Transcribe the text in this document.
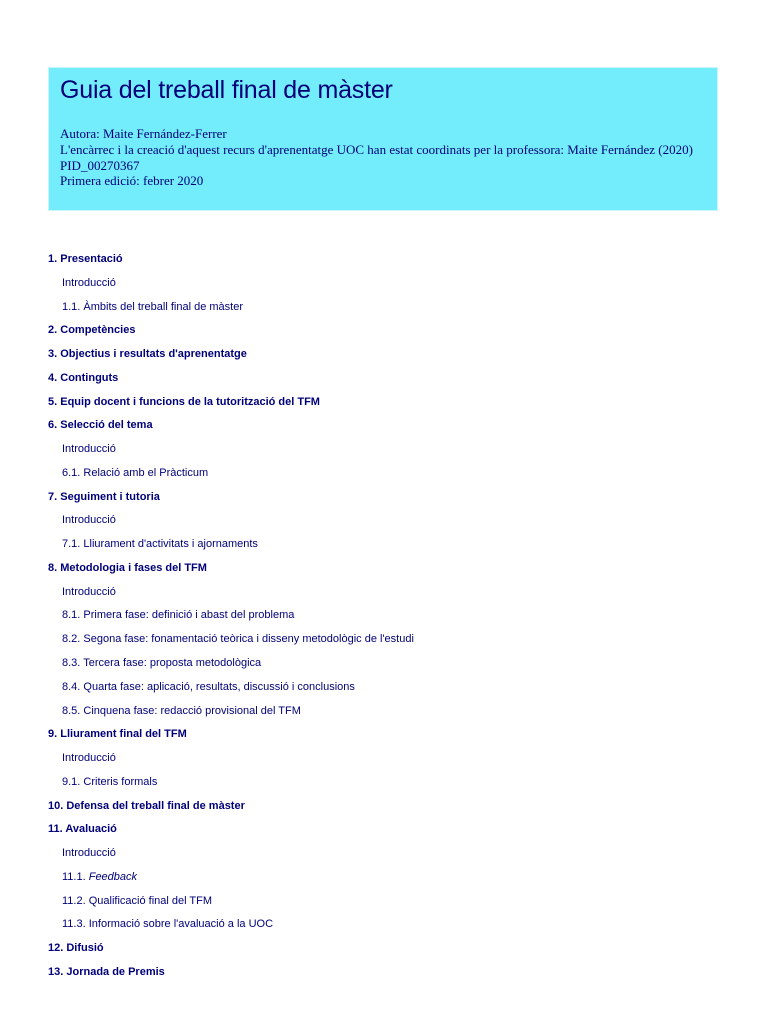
Guia del treball final de màster
Autora: Maite Fernández-Ferrer
L'encàrrec i la creació d'aquest recurs d'aprenentatge UOC han estat coordinats per la professora: Maite Fernández (2020)
PID_00270367
Primera edició: febrer 2020
1. Presentació
Introducció
1.1. Àmbits del treball final de màster
2. Competències
3. Objectius i resultats d'aprenentatge
4. Continguts
5. Equip docent i funcions de la tutorització del TFM
6. Selecció del tema
Introducció
6.1. Relació amb el Pràcticum
7. Seguiment i tutoria
Introducció
7.1. Lliurament d'activitats i ajornaments
8. Metodologia i fases del TFM
Introducció
8.1. Primera fase: definició i abast del problema
8.2. Segona fase: fonamentació teòrica i disseny metodològic de l'estudi
8.3. Tercera fase: proposta metodològica
8.4. Quarta fase: aplicació, resultats, discussió i conclusions
8.5. Cinquena fase: redacció provisional del TFM
9. Lliurament final del TFM
Introducció
9.1. Criteris formals
10. Defensa del treball final de màster
11. Avaluació
Introducció
11.1. Feedback
11.2. Qualificació final del TFM
11.3. Informació sobre l'avaluació a la UOC
12. Difusió
13. Jornada de Premis
